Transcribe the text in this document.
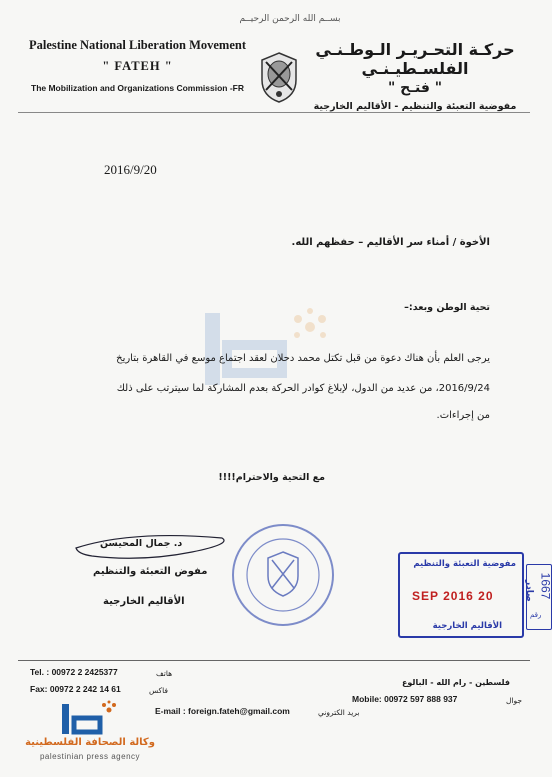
بســم الله الرحمن الرحيــم
Palestine National Liberation Movement
" FATEH "
The Mobilization and Organizations Commission -FR
حركـة التحـريـر الـوطـنـي الفلسـطيـنـي
" فتـح "
مفوضية التعبئة والتنظيم - الأقاليم الخارجية
2016/9/20
الأخوة / أمناء سر الأقاليم – حفظهم الله.
تحية الوطن وبعد:–
يرجى العلم بأن هناك دعوة من قبل تكتل محمد دحلان لعقد اجتماع موسع في القاهرة بتاريخ
2016/9/24، من عديد من الدول، لإبلاغ كوادر الحركة بعدم المشاركة لما سيترتب على ذلك
من إجراءات.
مع التحية والاحترام!!!!
د. جمال المحيسن
مفوض التعبئة والتنظيم
الأقاليم الخارجية
مفوضية التعبئة والتنظيم
20 SEP 2016
الأقاليم الخارجية
1667
رقم
صادر
Tel. : 00972 2 2425377	هاتف
Fax: 00972 2 242 14 61	فاكس
فلسطين - رام الله - البالوع
Mobile: 00972 597 888 937	جوال
E-mail : foreign.fateh@gmail.com	بريد الكتروني
وكالة الصحافة الفلسطينية
palestinian press agency
